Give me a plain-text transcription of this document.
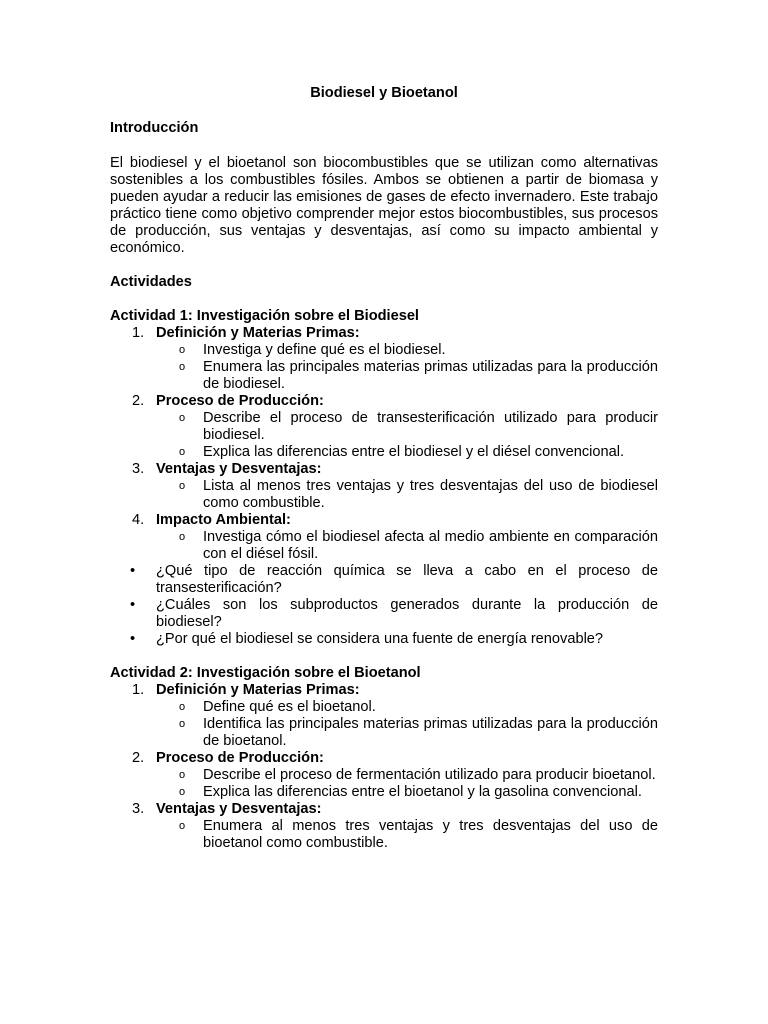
Biodiesel y Bioetanol

Introducción

El biodiesel y el bioetanol son biocombustibles que se utilizan como alternativas sostenibles a los combustibles fósiles. Ambos se obtienen a partir de biomasa y pueden ayudar a reducir las emisiones de gases de efecto invernadero. Este trabajo práctico tiene como objetivo comprender mejor estos biocombustibles, sus procesos de producción, sus ventajas y desventajas, así como su impacto ambiental y económico.

Actividades

Actividad 1: Investigación sobre el Biodiesel

1. Definición y Materias Primas:
o Investiga y define qué es el biodiesel.
o Enumera las principales materias primas utilizadas para la producción de biodiesel.
2. Proceso de Producción:
o Describe el proceso de transesterificación utilizado para producir biodiesel.
o Explica las diferencias entre el biodiesel y el diésel convencional.
3. Ventajas y Desventajas:
o Lista al menos tres ventajas y tres desventajas del uso de biodiesel como combustible.
4. Impacto Ambiental:
o Investiga cómo el biodiesel afecta al medio ambiente en comparación con el diésel fósil.
• ¿Qué tipo de reacción química se lleva a cabo en el proceso de transesterificación?
• ¿Cuáles son los subproductos generados durante la producción de biodiesel?
• ¿Por qué el biodiesel se considera una fuente de energía renovable?

Actividad 2: Investigación sobre el Bioetanol

1. Definición y Materias Primas:
o Define qué es el bioetanol.
o Identifica las principales materias primas utilizadas para la producción de bioetanol.
2. Proceso de Producción:
o Describe el proceso de fermentación utilizado para producir bioetanol.
o Explica las diferencias entre el bioetanol y la gasolina convencional.
3. Ventajas y Desventajas:
o Enumera al menos tres ventajas y tres desventajas del uso de bioetanol como combustible.
